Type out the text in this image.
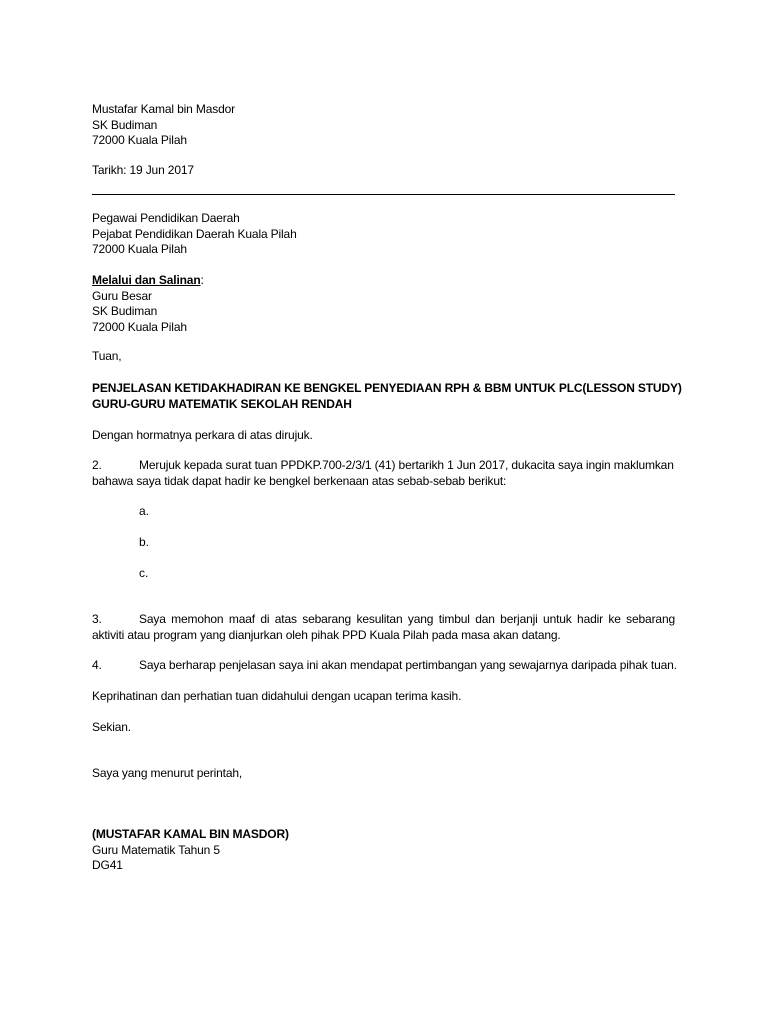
Mustafar Kamal bin Masdor
SK Budiman
72000 Kuala Pilah
Tarikh: 19 Jun 2017
Pegawai Pendidikan Daerah
Pejabat Pendidikan Daerah Kuala Pilah
72000 Kuala Pilah
Melalui dan Salinan:
Guru Besar
SK Budiman
72000 Kuala Pilah
Tuan,
PENJELASAN KETIDAKHADIRAN KE BENGKEL PENYEDIAAN RPH & BBM UNTUK PLC(LESSON STUDY)
GURU-GURU MATEMATIK SEKOLAH RENDAH
Dengan hormatnya perkara di atas dirujuk.
2.	Merujuk kepada surat tuan PPDKP.700-2/3/1 (41) bertarikh 1 Jun 2017, dukacita saya ingin maklumkan
bahawa saya tidak dapat hadir ke bengkel berkenaan atas sebab-sebab berikut:
a.
b.
c.
3.	Saya memohon maaf di atas sebarang kesulitan yang timbul dan berjanji untuk hadir ke sebarang
aktiviti atau program yang dianjurkan oleh pihak PPD Kuala Pilah pada masa akan datang.
4.	Saya berharap penjelasan saya ini akan mendapat pertimbangan yang sewajarnya daripada pihak tuan.
Keprihatinan dan perhatian tuan didahului dengan ucapan terima kasih.
Sekian.
Saya yang menurut perintah,
(MUSTAFAR KAMAL BIN MASDOR)
Guru Matematik Tahun 5
DG41
